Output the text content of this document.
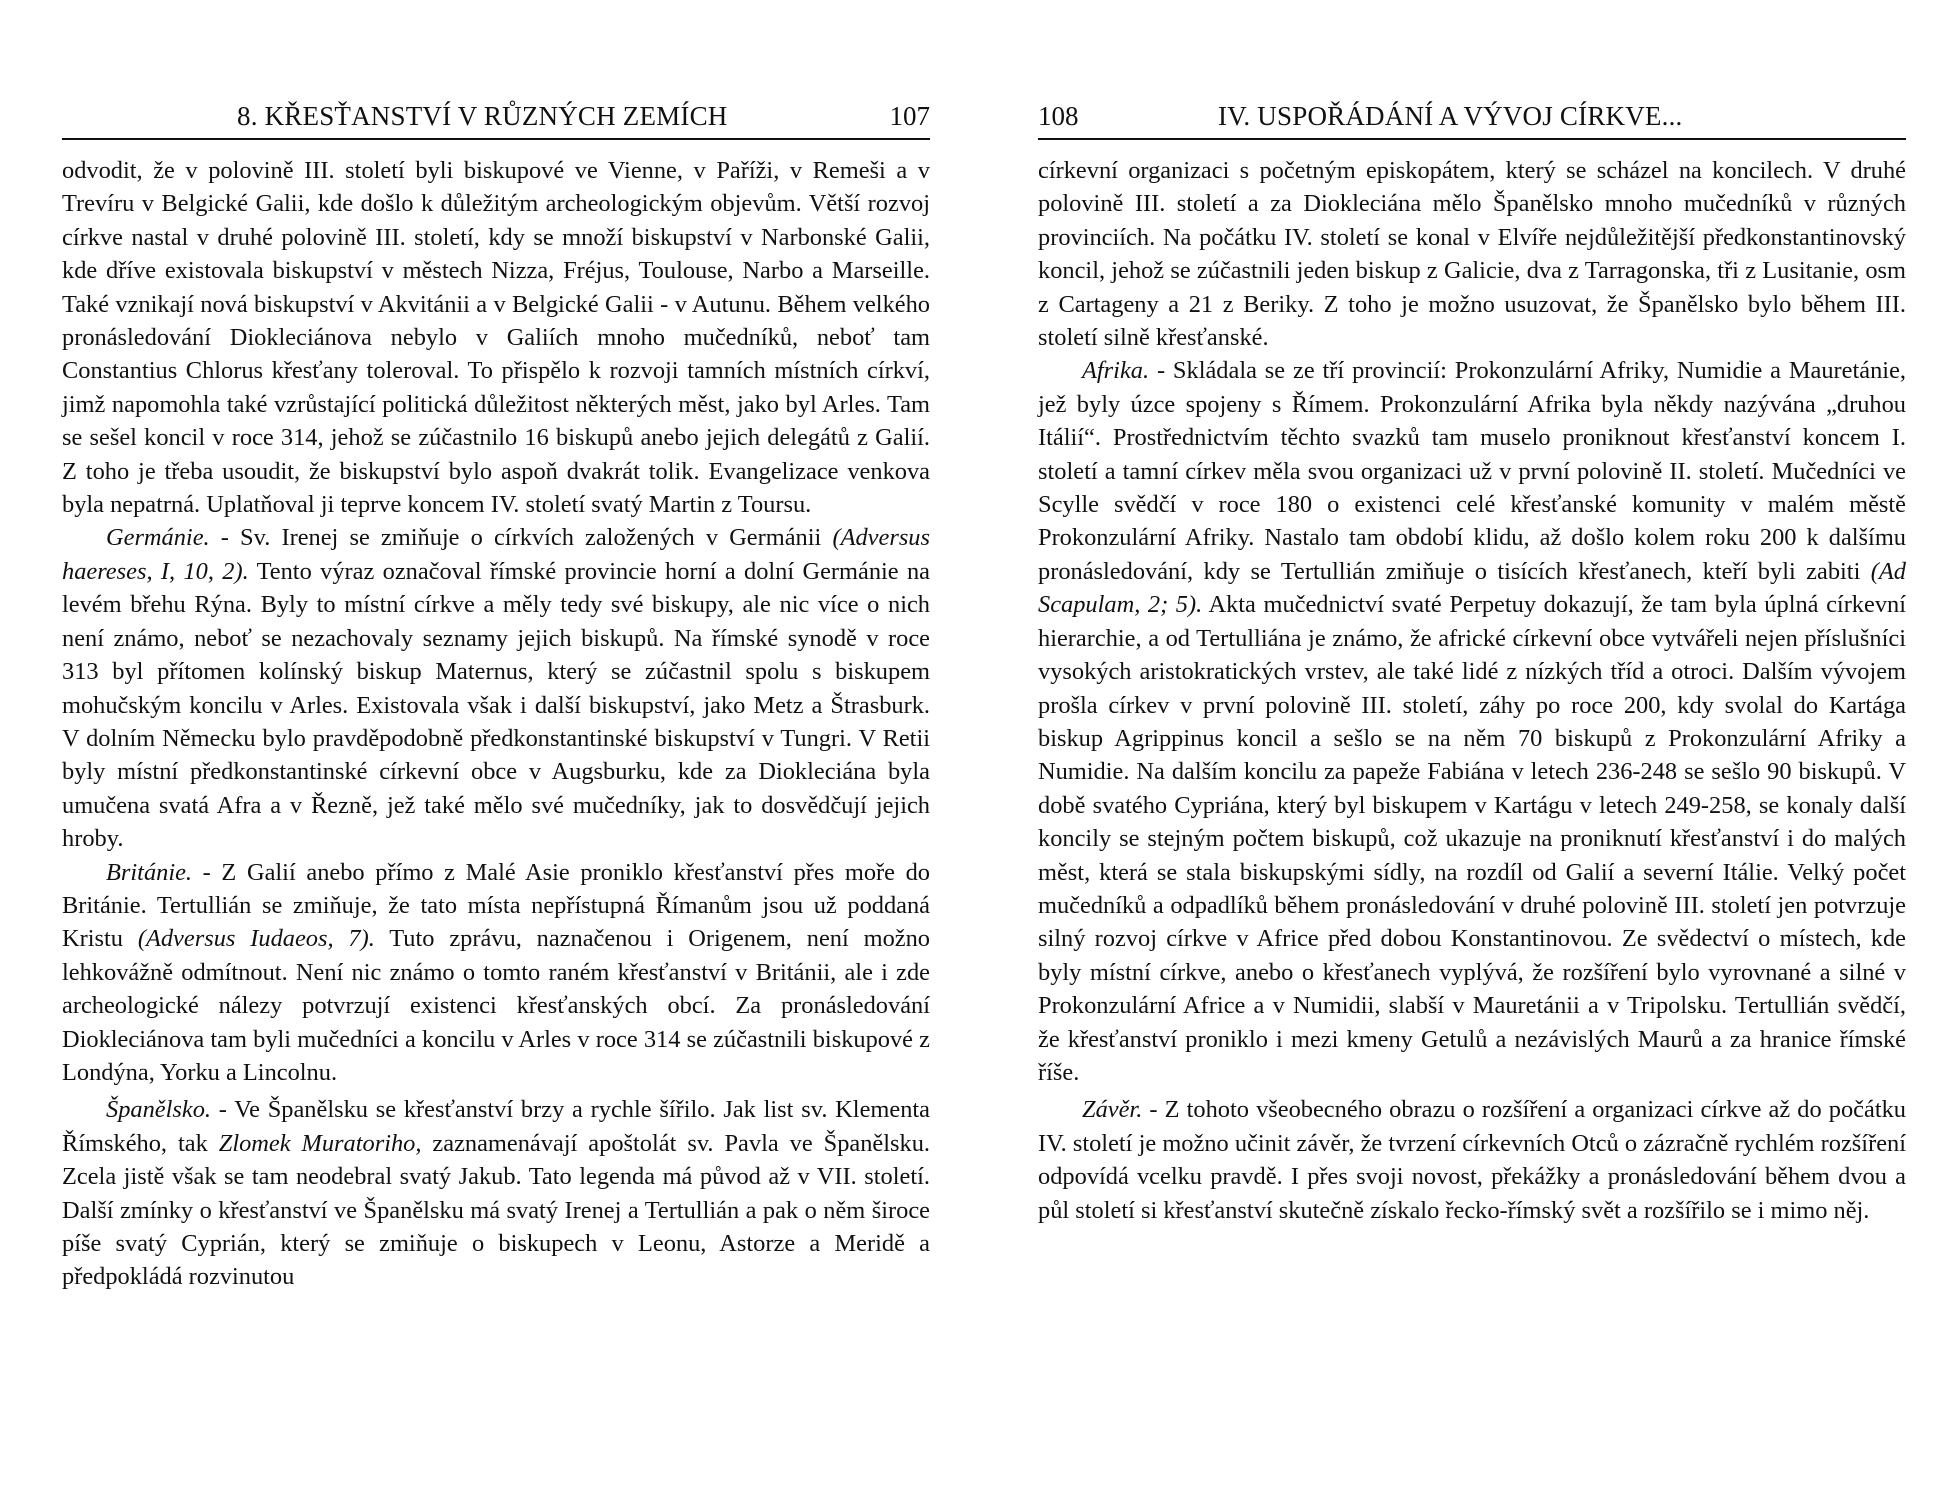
8. KŘESŤANSTVÍ V RŮZNÝCH ZEMÍCH	107

odvodit, že v polovině III. století byli biskupové ve Vienne, v Paříži, v Remeši a v Trevíru v Belgické Galii, kde došlo k důležitým archeologickým objevům. Větší rozvoj církve nastal v druhé polovině III. století, kdy se množí biskupství v Narbonské Galii, kde dříve existovala biskupství v městech Nizza, Fréjus, Toulouse, Narbo a Marseille. Také vznikají nová biskupství v Akvitánii a v Belgické Galii - v Autunu. Během velkého pronásledování Diokleciánova nebylo v Galiích mnoho mučedníků, neboť tam Constantius Chlorus křesťany toleroval. To přispělo k rozvoji tamních místních církví, jimž napomohla také vzrůstající politická důležitost některých měst, jako byl Arles. Tam se sešel koncil v roce 314, jehož se zúčastnilo 16 biskupů anebo jejich delegátů z Galií. Z toho je třeba usoudit, že biskupství bylo aspoň dvakrát tolik. Evangelizace venkova byla nepatrná. Uplatňoval ji teprve koncem IV. století svatý Martin z Toursu.

Germánie. - Sv. Irenej se zmiňuje o církvích založených v Germánii (Adversus haereses, I, 10, 2). Tento výraz označoval římské provincie horní a dolní Germánie na levém břehu Rýna. Byly to místní církve a měly tedy své biskupy, ale nic více o nich není známo, neboť se nezachovaly seznamy jejich biskupů. Na římské synodě v roce 313 byl přítomen kolínský biskup Maternus, který se zúčastnil spolu s biskupem mohučským koncilu v Arles. Existovala však i další biskupství, jako Metz a Štrasburk. V dolním Německu bylo pravděpodobně předkonstantinské biskupství v Tungri. V Retii byly místní předkonstantinské církevní obce v Augsburku, kde za Diokleciána byla umučena svatá Afra a v Řezně, jež také mělo své mučedníky, jak to dosvědčují jejich hroby.

Británie. - Z Galií anebo přímo z Malé Asie proniklo křesťanství přes moře do Británie. Tertullián se zmiňuje, že tato místa nepřístupná Římanům jsou už poddaná Kristu (Adversus Iudaeos, 7). Tuto zprávu, naznačenou i Origenem, není možno lehkovážně odmítnout. Není nic známo o tomto raném křesťanství v Británii, ale i zde archeologické nálezy potvrzují existenci křesťanských obcí. Za pronásledování Diokleciánova tam byli mučedníci a koncilu v Arles v roce 314 se zúčastnili biskupové z Londýna, Yorku a Lincolnu.

Španělsko. - Ve Španělsku se křesťanství brzy a rychle šířilo. Jak list sv. Klementa Římského, tak Zlomek Muratoriho, zaznamenávají apoštolát sv. Pavla ve Španělsku. Zcela jistě však se tam neodebral svatý Jakub. Tato legenda má původ až v VII. století. Další zmínky o křesťanství ve Španělsku má svatý Irenej a Tertullián a pak o něm široce píše svatý Cyprián, který se zmiňuje o biskupech v Leonu, Astorze a Meridě a předpokládá rozvinutou

108	IV. USPOŘÁDÁNÍ A VÝVOJ CÍRKVE...

církevní organizaci s početným episkopátem, který se scházel na koncilech. V druhé polovině III. století a za Diokleciána mělo Španělsko mnoho mučedníků v různých provinciích. Na počátku IV. století se konal v Elvíře nejdůležitější předkonstantinovský koncil, jehož se zúčastnili jeden biskup z Galicie, dva z Tarragonska, tři z Lusitanie, osm z Cartageny a 21 z Beriky. Z toho je možno usuzovat, že Španělsko bylo během III. století silně křesťanské.

Afrika. - Skládala se ze tří provincií: Prokonzulární Afriky, Numidie a Mauretánie, jež byly úzce spojeny s Římem. Prokonzulární Afrika byla někdy nazývána „druhou Itálií“. Prostřednictvím těchto svazků tam muselo proniknout křesťanství koncem I. století a tamní církev měla svou organizaci už v první polovině II. století. Mučedníci ve Scylle svědčí v roce 180 o existenci celé křesťanské komunity v malém městě Prokonzulární Afriky. Nastalo tam období klidu, až došlo kolem roku 200 k dalšímu pronásledování, kdy se Tertullián zmiňuje o tisících křesťanech, kteří byli zabiti (Ad Scapulam, 2; 5). Akta mučednictví svaté Perpetuy dokazují, že tam byla úplná církevní hierarchie, a od Tertulliána je známo, že africké církevní obce vytvářeli nejen příslušníci vysokých aristokratických vrstev, ale také lidé z nízkých tříd a otroci. Dalším vývojem prošla církev v první polovině III. století, záhy po roce 200, kdy svolal do Kartága biskup Agrippinus koncil a sešlo se na něm 70 biskupů z Prokonzulární Afriky a Numidie. Na dalším koncilu za papeže Fabiána v letech 236-248 se sešlo 90 biskupů. V době svatého Cypriána, který byl biskupem v Kartágu v letech 249-258, se konaly další koncily se stejným počtem biskupů, což ukazuje na proniknutí křesťanství i do malých měst, která se stala biskupskými sídly, na rozdíl od Galií a severní Itálie. Velký počet mučedníků a odpadlíků během pronásledování v druhé polovině III. století jen potvrzuje silný rozvoj církve v Africe před dobou Konstantinovou. Ze svědectví o místech, kde byly místní církve, anebo o křesťanech vyplývá, že rozšíření bylo vyrovnané a silné v Prokonzulární Africe a v Numidii, slabší v Mauretánii a v Tripolsku. Tertullián svědčí, že křesťanství proniklo i mezi kmeny Getulů a nezávislých Maurů a za hranice římské říše.

Závěr. - Z tohoto všeobecného obrazu o rozšíření a organizaci církve až do počátku IV. století je možno učinit závěr, že tvrzení církevních Otců o zázračně rychlém rozšíření odpovídá vcelku pravdě. I přes svoji novost, překážky a pronásledování během dvou a půl století si křesťanství skutečně získalo řecko-římský svět a rozšířilo se i mimo něj.
